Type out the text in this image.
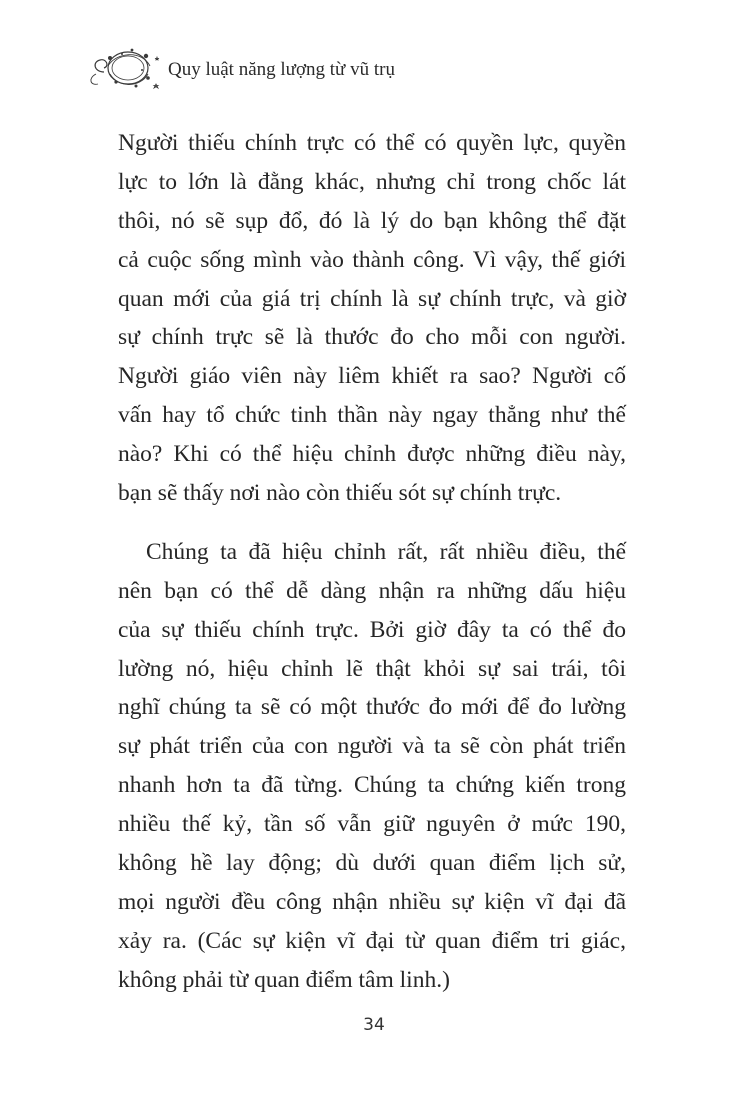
Quy luật năng lượng từ vũ trụ
Người thiếu chính trực có thể có quyền lực, quyền
lực to lớn là đằng khác, nhưng chỉ trong chốc lát
thôi, nó sẽ sụp đổ, đó là lý do bạn không thể đặt
cả cuộc sống mình vào thành công. Vì vậy, thế giới
quan mới của giá trị chính là sự chính trực, và giờ
sự chính trực sẽ là thước đo cho mỗi con người.
Người giáo viên này liêm khiết ra sao? Người cố
vấn hay tổ chức tinh thần này ngay thẳng như thế
nào? Khi có thể hiệu chỉnh được những điều này,
bạn sẽ thấy nơi nào còn thiếu sót sự chính trực.
Chúng ta đã hiệu chỉnh rất, rất nhiều điều, thế
nên bạn có thể dễ dàng nhận ra những dấu hiệu
của sự thiếu chính trực. Bởi giờ đây ta có thể đo
lường nó, hiệu chỉnh lẽ thật khỏi sự sai trái, tôi
nghĩ chúng ta sẽ có một thước đo mới để đo lường
sự phát triển của con người và ta sẽ còn phát triển
nhanh hơn ta đã từng. Chúng ta chứng kiến trong
nhiều thế kỷ, tần số vẫn giữ nguyên ở mức 190,
không hề lay động; dù dưới quan điểm lịch sử,
mọi người đều công nhận nhiều sự kiện vĩ đại đã
xảy ra. (Các sự kiện vĩ đại từ quan điểm tri giác,
không phải từ quan điểm tâm linh.)
34
